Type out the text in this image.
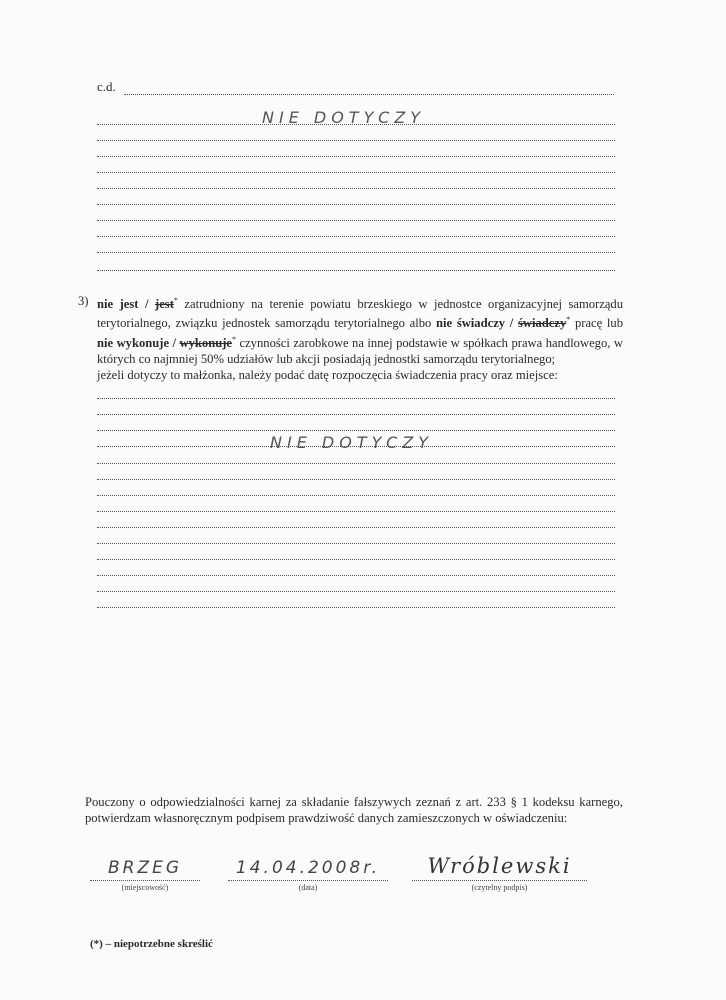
c.d.
NIE DOTYCZY
3) nie jest / jest* zatrudniony na terenie powiatu brzeskiego w jednostce organizacyjnej samorządu terytorialnego, związku jednostek samorządu terytorialnego albo nie świadczy / świadczy* pracę lub nie wykonuje / wykonuje* czynności zarobkowe na innej podstawie w spółkach prawa handlowego, w których co najmniej 50% udziałów lub akcji posiadają jednostki samorządu terytorialnego;
jeżeli dotyczy to małżonka, należy podać datę rozpoczęcia świadczenia pracy oraz miejsce:
NIE DOTYCZY
Pouczony o odpowiedzialności karnej za składanie fałszywych zeznań z art. 233 § 1 kodeksu karnego, potwierdzam własnoręcznym podpisem prawdziwość danych zamieszczonych w oświadczeniu:
BRZEG
(miejscowość)
14.04.2008r.
(data)
Wróblewski
(czytelny podpis)
(*) – niepotrzebne skreślić
